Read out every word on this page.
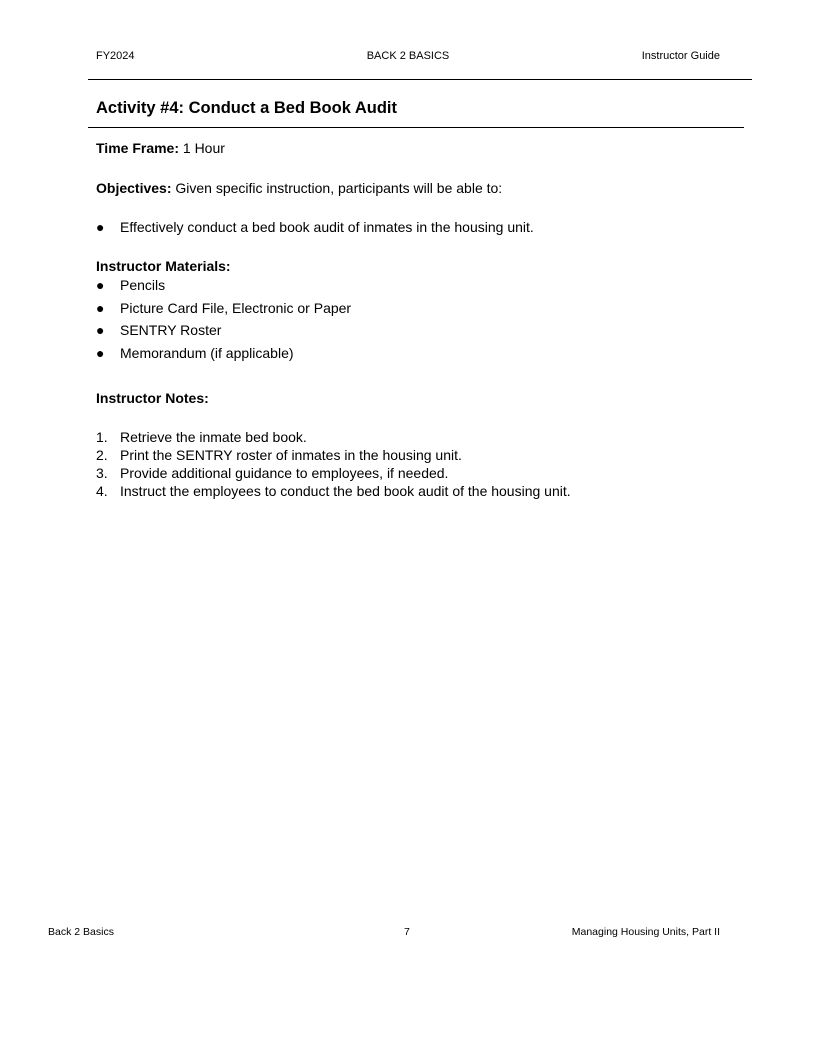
FY2024	BACK 2 BASICS	Instructor Guide
Activity #4: Conduct a Bed Book Audit
Time Frame: 1 Hour
Objectives: Given specific instruction, participants will be able to:
● Effectively conduct a bed book audit of inmates in the housing unit.
Instructor Materials:
● Pencils
● Picture Card File, Electronic or Paper
● SENTRY Roster
● Memorandum (if applicable)
Instructor Notes:
1. Retrieve the inmate bed book.
2. Print the SENTRY roster of inmates in the housing unit.
3. Provide additional guidance to employees, if needed.
4. Instruct the employees to conduct the bed book audit of the housing unit.
Back 2 Basics	7	Managing Housing Units, Part II
